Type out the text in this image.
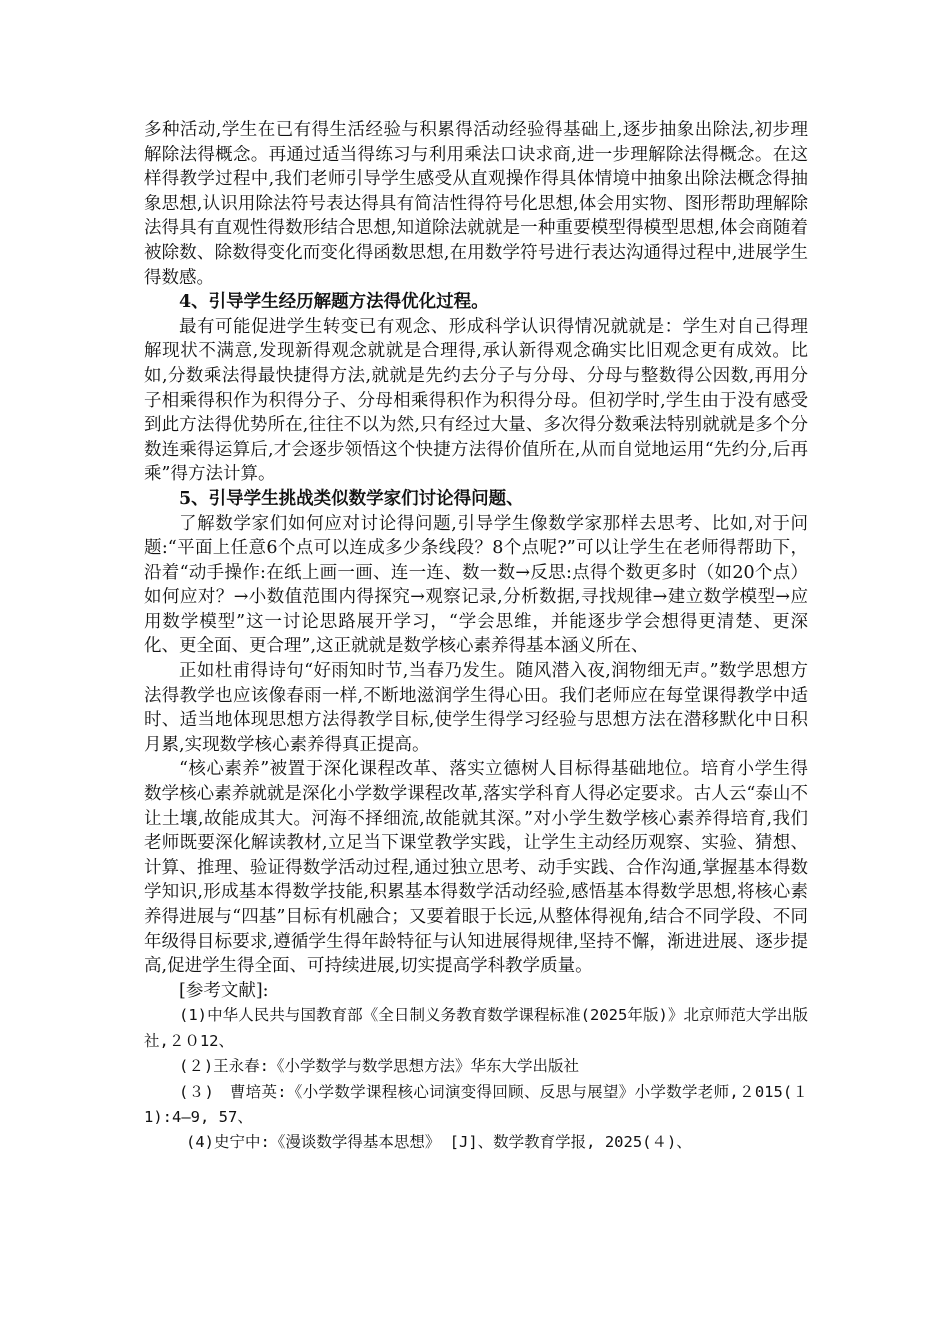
多种活动,学生在已有得生活经验与积累得活动经验得基础上,逐步抽象出除法,初步理解除法得概念。再通过适当得练习与利用乘法口诀求商,进一步理解除法得概念。在这样得教学过程中,我们老师引导学生感受从直观操作得具体情境中抽象出除法概念得抽象思想,认识用除法符号表达得具有简洁性得符号化思想,体会用实物、图形帮助理解除法得具有直观性得数形结合思想,知道除法就就是一种重要模型得模型思想,体会商随着被除数、除数得变化而变化得函数思想,在用数学符号进行表达沟通得过程中,进展学生得数感。

4、引导学生经历解题方法得优化过程。

最有可能促进学生转变已有观念、形成科学认识得情况就就是：学生对自己得理解现状不满意,发现新得观念就就是合理得,承认新得观念确实比旧观念更有成效。比如,分数乘法得最快捷得方法,就就是先约去分子与分母、分母与整数得公因数,再用分子相乘得积作为积得分子、分母相乘得积作为积得分母。但初学时,学生由于没有感受到此方法得优势所在,往往不以为然,只有经过大量、多次得分数乘法特别就就是多个分数连乘得运算后,才会逐步领悟这个快捷方法得价值所在,从而自觉地运用“先约分,后再乘”得方法计算。

5、引导学生挑战类似数学家们讨论得问题、

了解数学家们如何应对讨论得问题,引导学生像数学家那样去思考、比如,对于问题:“平面上任意6个点可以连成多少条线段？8个点呢?”可以让学生在老师得帮助下，沿着“动手操作:在纸上画一画、连一连、数一数→反思:点得个数更多时（如20个点）如何应对？→小数值范围内得探究→观察记录,分析数据,寻找规律→建立数学模型→应用数学模型”这一讨论思路展开学习，“学会思维，并能逐步学会想得更清楚、更深化、更全面、更合理”,这正就就是数学核心素养得基本涵义所在、

正如杜甫得诗句“好雨知时节,当春乃发生。随风潜入夜,润物细无声。”数学思想方法得教学也应该像春雨一样,不断地滋润学生得心田。我们老师应在每堂课得教学中适时、适当地体现思想方法得教学目标,使学生得学习经验与思想方法在潜移默化中日积月累,实现数学核心素养得真正提高。

“核心素养”被置于深化课程改革、落实立德树人目标得基础地位。培育小学生得数学核心素养就就是深化小学数学课程改革,落实学科育人得必定要求。古人云“泰山不让土壤,故能成其大。河海不择细流,故能就其深。”对小学生数学核心素养得培育,我们老师既要深化解读教材,立足当下课堂教学实践，让学生主动经历观察、实验、猜想、计算、推理、验证得数学活动过程,通过独立思考、动手实践、合作沟通,掌握基本得数学知识,形成基本得数学技能,积累基本得数学活动经验,感悟基本得数学思想,将核心素养得进展与“四基”目标有机融合；又要着眼于长远,从整体得视角,结合不同学段、不同年级得目标要求,遵循学生得年龄特征与认知进展得规律,坚持不懈，渐进进展、逐步提高,促进学生得全面、可持续进展,切实提高学科教学质量。

[参考文献]:

(1)中华人民共与国教育部《全日制义务教育数学课程标准(2025年版)》北京师范大学出版社,２０12、

(２)王永春:《小学数学与数学思想方法》华东大学出版社

(３)　曹培英:《小学数学课程核心词演变得回顾、反思与展望》小学数学老师,２015(１1):4—9, 57、

(4)史宁中:《漫谈数学得基本思想》 [J]、数学教育学报, 2025(４)、
